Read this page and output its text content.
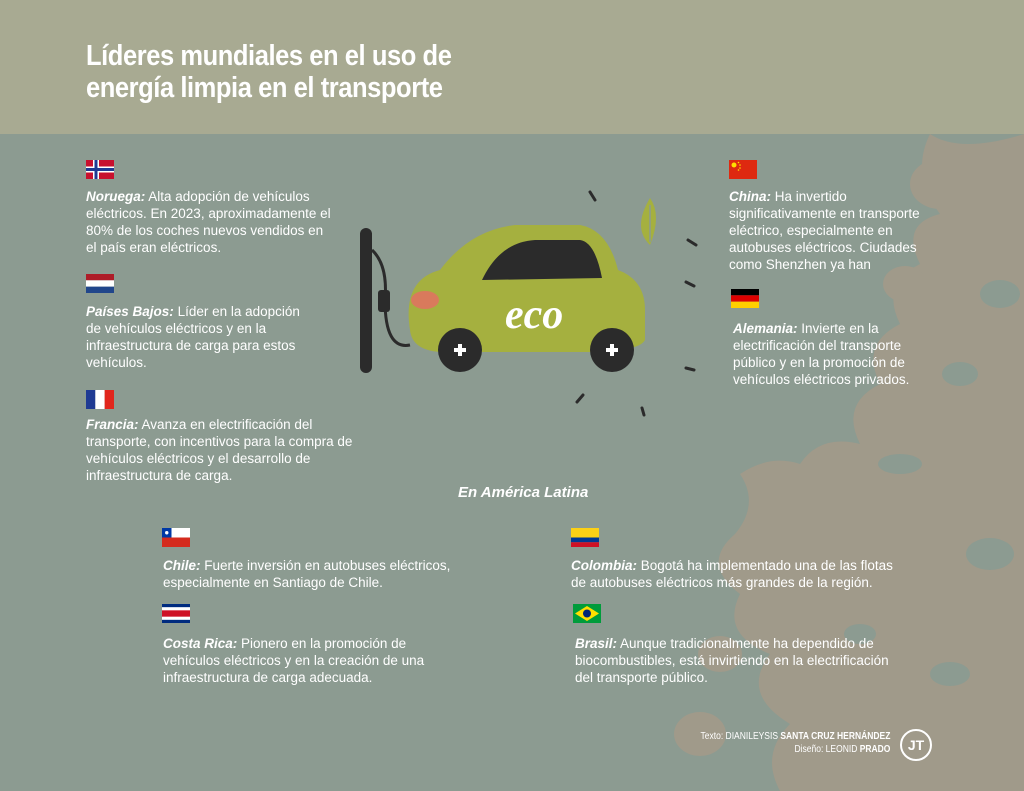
Líderes mundiales en el uso de
energía limpia en el transporte
eco

Noruega: Alta adopción de vehículos eléctricos. En 2023, aproximadamente el 80% de los coches nuevos vendidos en el país eran eléctricos.

Países Bajos: Líder en la adopción de vehículos eléctricos y en la infraestructura de carga para estos vehículos.

Francia: Avanza en electrificación del transporte, con incentivos para la compra de vehículos eléctricos y el desarrollo de infraestructura de carga.

China: Ha invertido significativamente en transporte eléctrico, especialmente en autobuses eléctricos. Ciudades como Shenzhen ya han

Alemania: Invierte en la electrificación del transporte público y en la promoción de vehículos eléctricos privados.

En América Latina

Chile: Fuerte inversión en autobuses eléctricos, especialmente en Santiago de Chile.

Colombia: Bogotá ha implementado una de las flotas de autobuses eléctricos más grandes de la región.

Costa Rica: Pionero en la promoción de vehículos eléctricos y en la creación de una infraestructura de carga adecuada.

Brasil: Aunque tradicionalmente ha dependido de biocombustibles, está invirtiendo en la electrificación del transporte público.

Texto: DIANILEYSIS SANTA CRUZ HERNÁNDEZ
Diseño: LEONID PRADO	JT
